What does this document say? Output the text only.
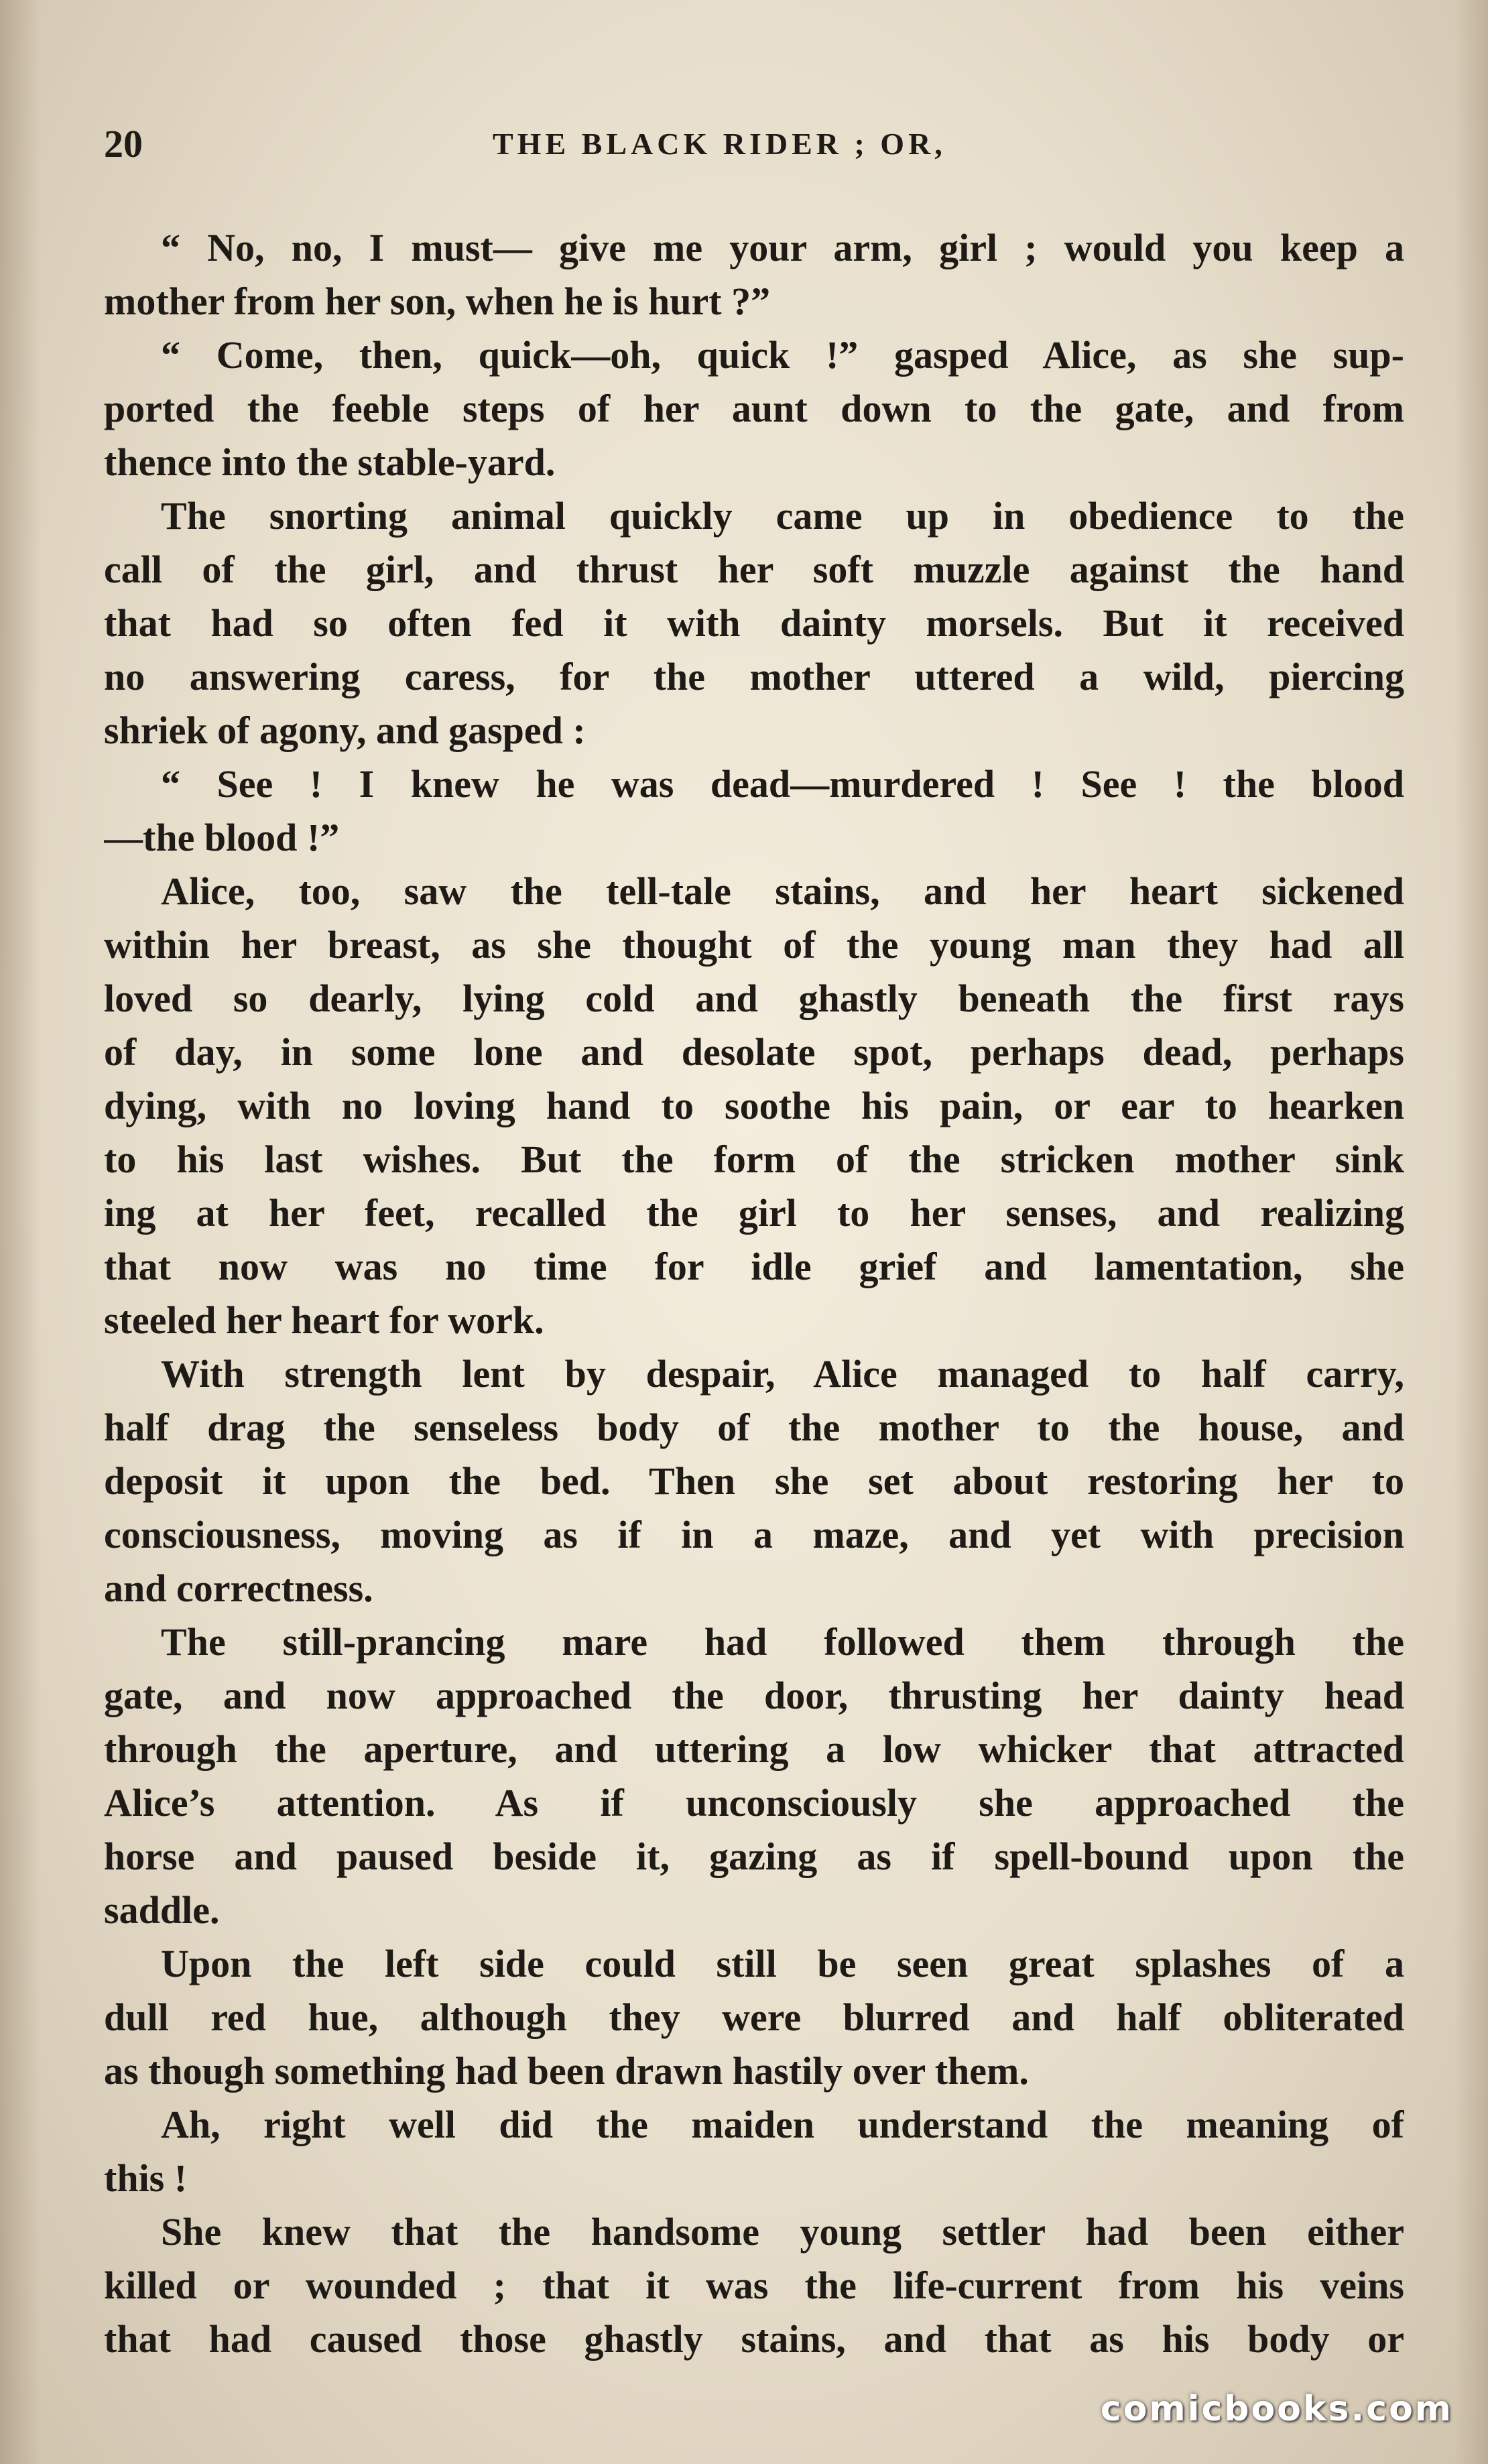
20	THE BLACK RIDER ; OR,
“ No, no, I must— give me your arm, girl ; would you keep a
mother from her son, when he is hurt ?”
“ Come, then, quick—oh, quick !” gasped Alice, as she sup-
ported the feeble steps of her aunt down to the gate, and from
thence into the stable-yard.
The snorting animal quickly came up in obedience to the
call of the girl, and thrust her soft muzzle against the hand
that had so often fed it with dainty morsels. But it received
no answering caress, for the mother uttered a wild, piercing
shriek of agony, and gasped :
“ See ! I knew he was dead—murdered ! See ! the blood
—the blood !”
Alice, too, saw the tell-tale stains, and her heart sickened
within her breast, as she thought of the young man they had all
loved so dearly, lying cold and ghastly beneath the first rays
of day, in some lone and desolate spot, perhaps dead, perhaps
dying, with no loving hand to soothe his pain, or ear to hearken
to his last wishes. But the form of the stricken mother sink
ing at her feet, recalled the girl to her senses, and realizing
that now was no time for idle grief and lamentation, she
steeled her heart for work.
With strength lent by despair, Alice managed to half carry,
half drag the senseless body of the mother to the house, and
deposit it upon the bed. Then she set about restoring her to
consciousness, moving as if in a maze, and yet with precision
and correctness.
The still-prancing mare had followed them through the
gate, and now approached the door, thrusting her dainty head
through the aperture, and uttering a low whicker that attracted
Alice’s attention. As if unconsciously she approached the
horse and paused beside it, gazing as if spell-bound upon the
saddle.
Upon the left side could still be seen great splashes of a
dull red hue, although they were blurred and half obliterated
as though something had been drawn hastily over them.
Ah, right well did the maiden understand the meaning of
this !
She knew that the handsome young settler had been either
killed or wounded ; that it was the life-current from his veins
that had caused those ghastly stains, and that as his body or
comicbooks.com
